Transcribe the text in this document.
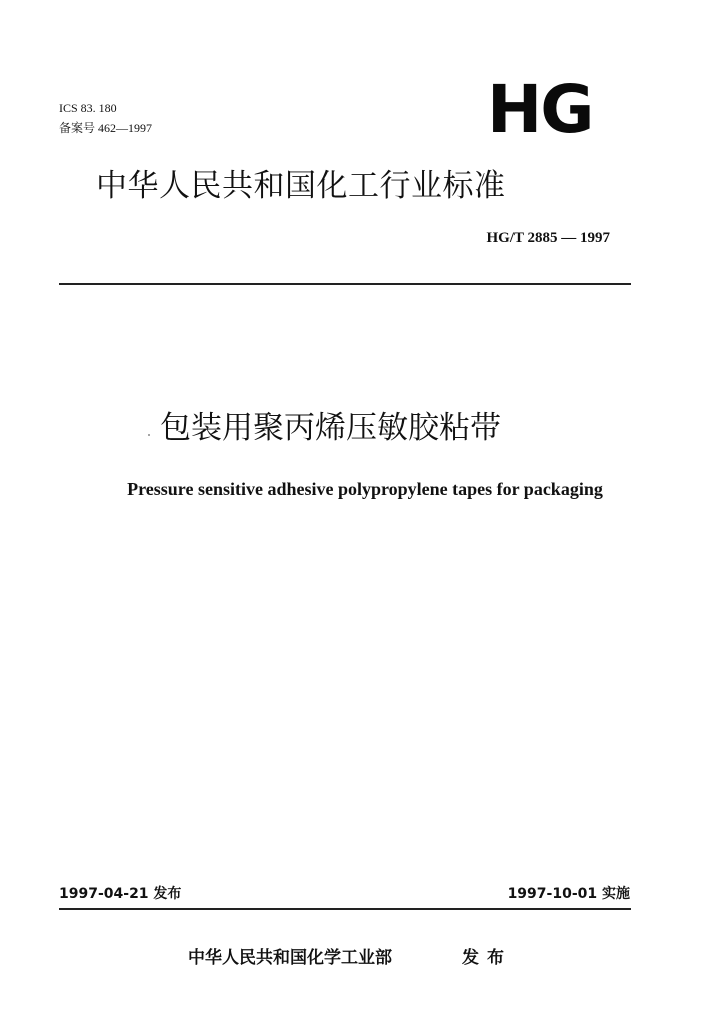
ICS 83. 180
备案号 462—1997	HG
中华人民共和国化工行业标准
HG/T 2885 — 1997
包装用聚丙烯压敏胶粘带
Pressure sensitive adhesive polypropylene tapes for packaging
1997-04-21 发布	1997-10-01 实施
中华人民共和国化学工业部	发布
